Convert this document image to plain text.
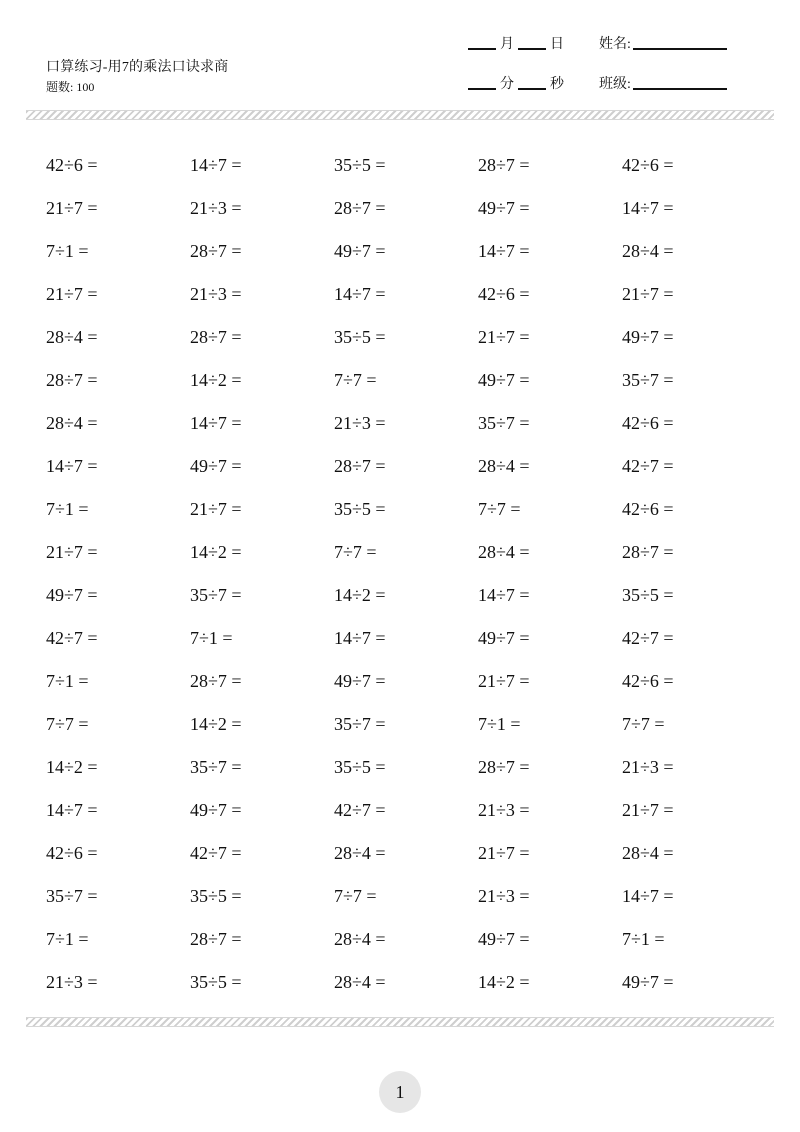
口算练习-用7的乘法口诀求商
题数: 100
月	日
分	秒
姓名:
班级:
42÷6 =	14÷7 =	35÷5 =	28÷7 =	42÷6 =
21÷7 =	21÷3 =	28÷7 =	49÷7 =	14÷7 =
7÷1 =	28÷7 =	49÷7 =	14÷7 =	28÷4 =
21÷7 =	21÷3 =	14÷7 =	42÷6 =	21÷7 =
28÷4 =	28÷7 =	35÷5 =	21÷7 =	49÷7 =
28÷7 =	14÷2 =	7÷7 =	49÷7 =	35÷7 =
28÷4 =	14÷7 =	21÷3 =	35÷7 =	42÷6 =
14÷7 =	49÷7 =	28÷7 =	28÷4 =	42÷7 =
7÷1 =	21÷7 =	35÷5 =	7÷7 =	42÷6 =
21÷7 =	14÷2 =	7÷7 =	28÷4 =	28÷7 =
49÷7 =	35÷7 =	14÷2 =	14÷7 =	35÷5 =
42÷7 =	7÷1 =	14÷7 =	49÷7 =	42÷7 =
7÷1 =	28÷7 =	49÷7 =	21÷7 =	42÷6 =
7÷7 =	14÷2 =	35÷7 =	7÷1 =	7÷7 =
14÷2 =	35÷7 =	35÷5 =	28÷7 =	21÷3 =
14÷7 =	49÷7 =	42÷7 =	21÷3 =	21÷7 =
42÷6 =	42÷7 =	28÷4 =	21÷7 =	28÷4 =
35÷7 =	35÷5 =	7÷7 =	21÷3 =	14÷7 =
7÷1 =	28÷7 =	28÷4 =	49÷7 =	7÷1 =
21÷3 =	35÷5 =	28÷4 =	14÷2 =	49÷7 =
1
